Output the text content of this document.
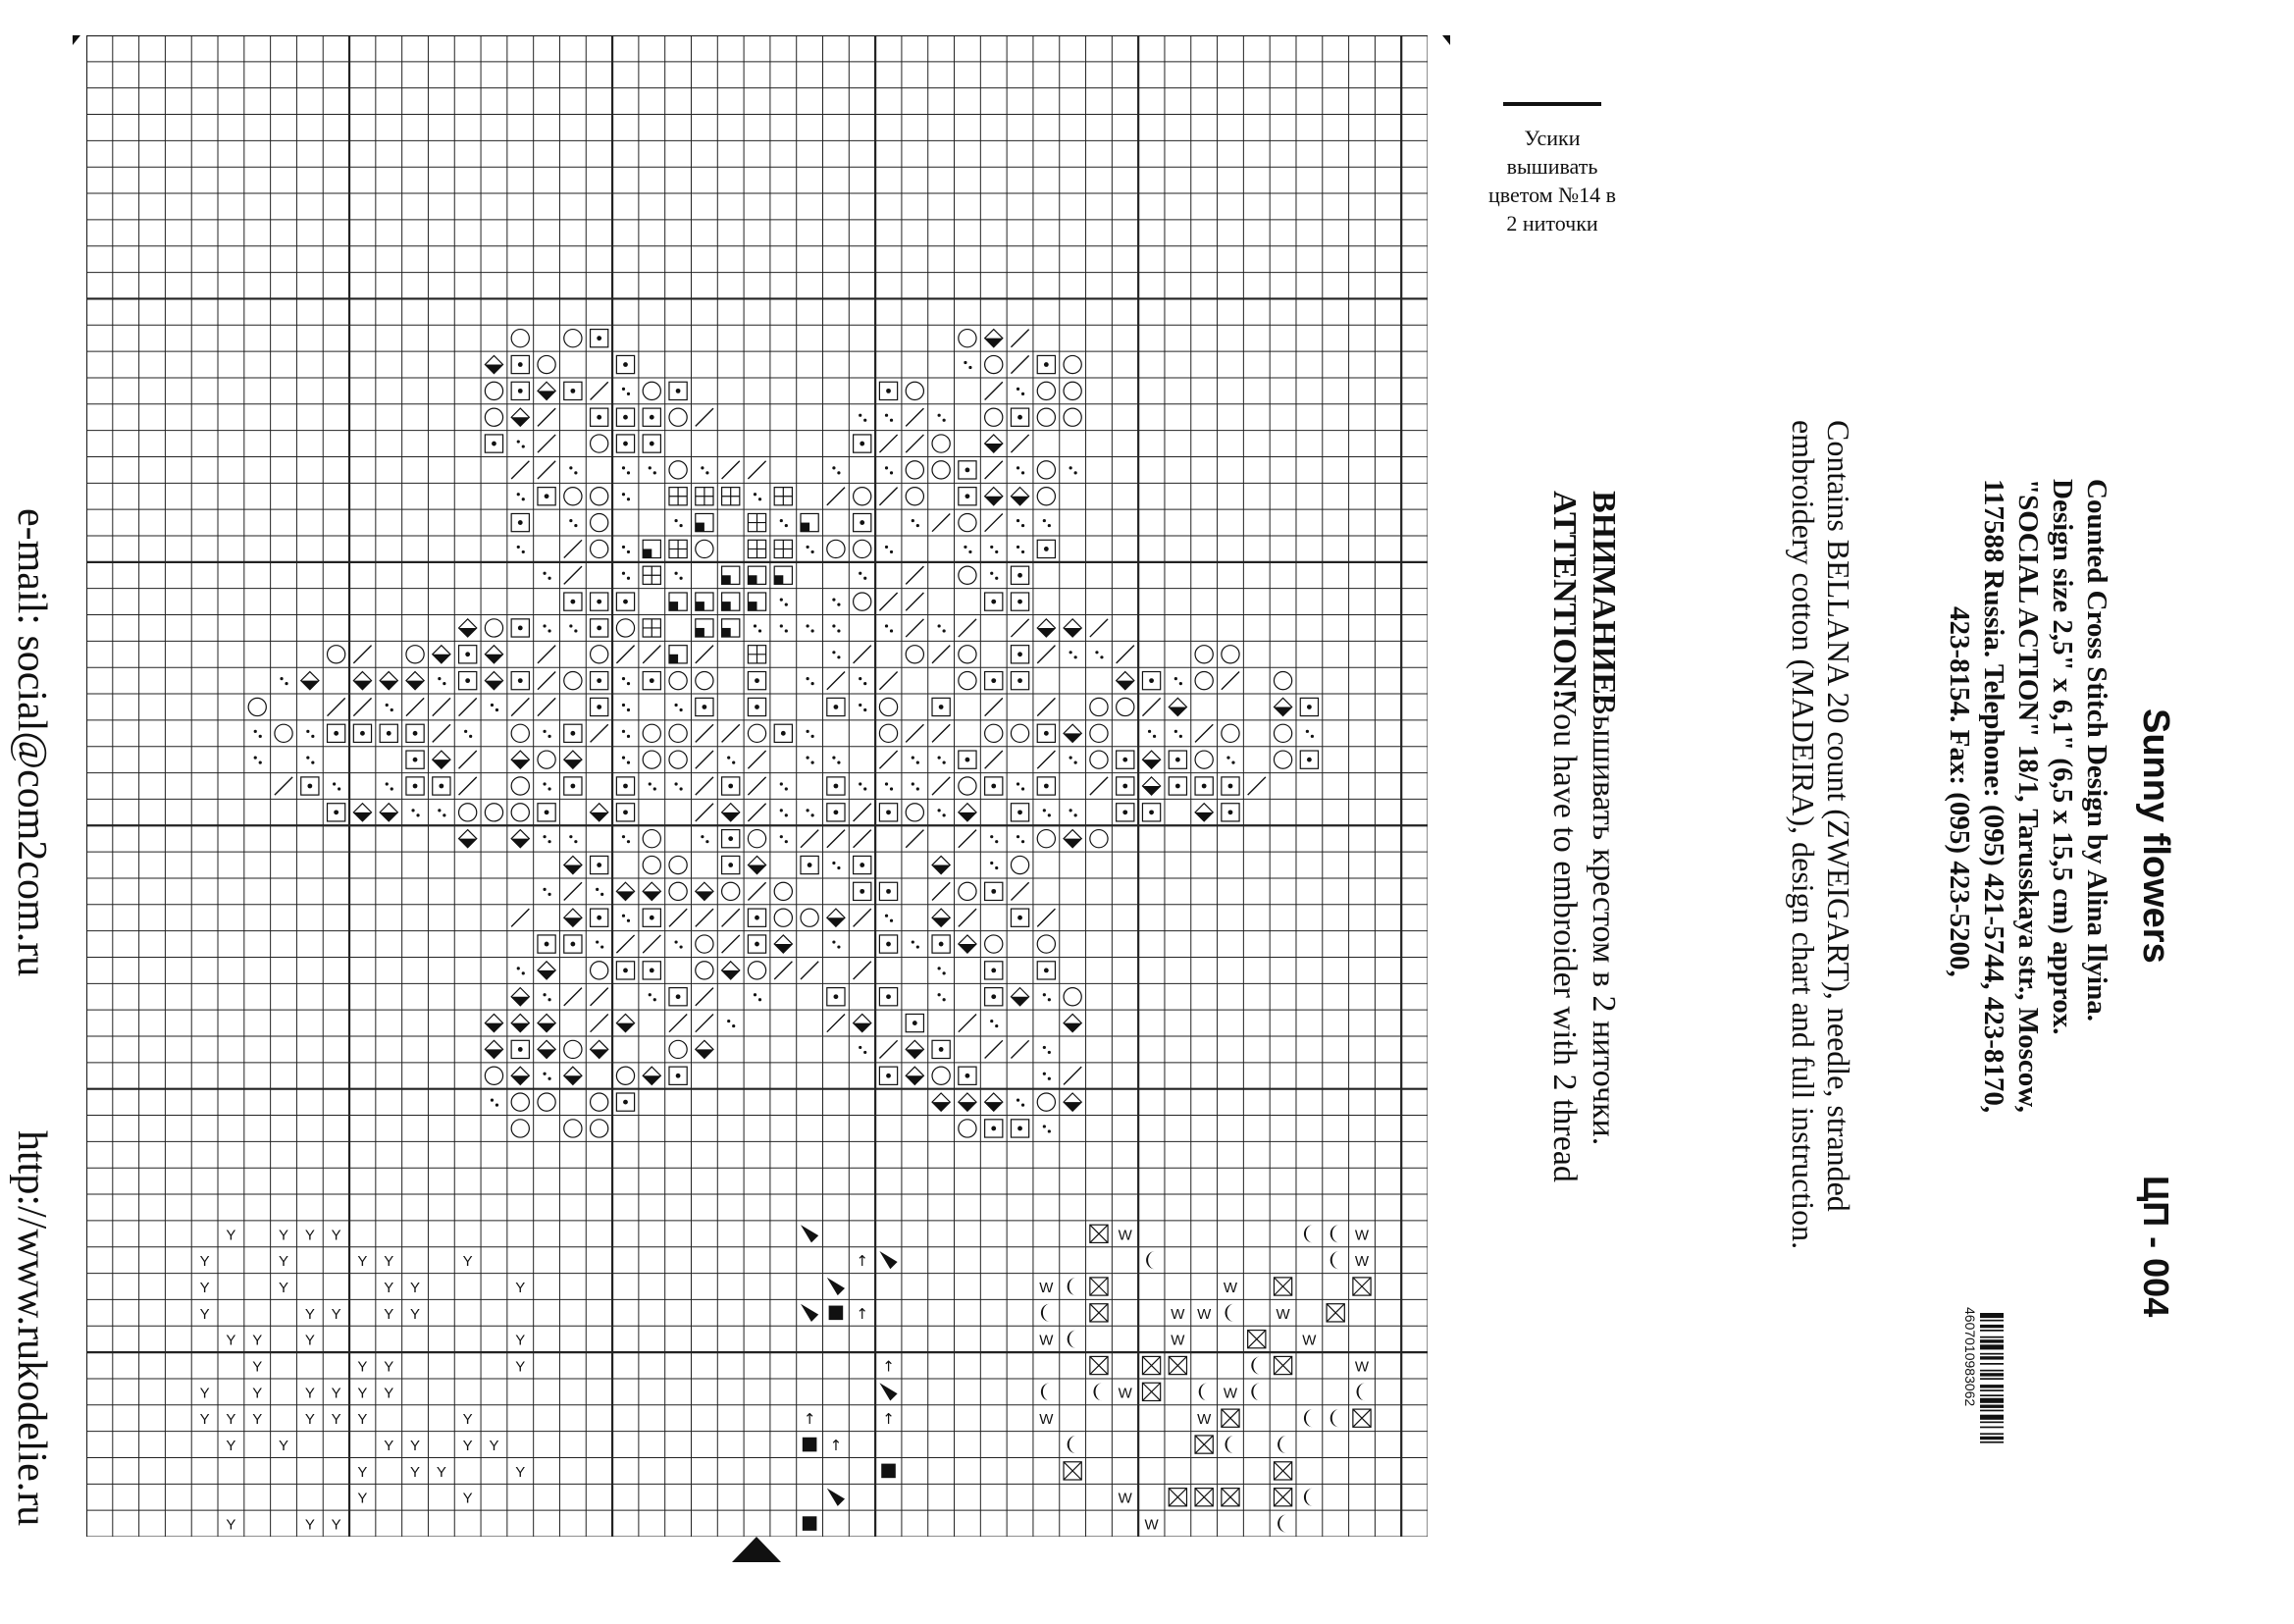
Y	Y Y Y	W	W
Y	Y	Y Y	Y	↑	W
Y	Y	Y Y	Y	W	W
Y	Y Y	Y Y	↑	W W	W
Y Y	Y	Y	W	W	W
Y	Y Y	Y	↑	W
Y	Y	Y Y Y Y	W	W
Y Y Y	Y Y Y	Y	↑	↑	W	W
Y	Y	Y Y	Y Y	↑
Y	Y Y	Y
Y	Y	W
Y	Y Y	W
e-mail: social@com2com.ru
http://www.rukodelie.ru
Усики
вышивать
цветом №14 в
2 ниточки
Sunny flowers
ЦП - 004
Counted Cross Stitch Design by Alina Ilyina.
Design size 2,5" x 6,1" (6,5 x 15,5 cm) approx.
"SOCIAL ACTION" 18/1, Tarusskaya str., Moscow,
117588 Russia. Telephone: (095) 421-5744, 423-8170,
423-8154. Fax: (095) 423-5200,
Contains BELLANA 20 count (ZWEIGART), needle, stranded
embroidery cotton (MADEIRA), design chart and full instruction.
ВНИМАНИЕ!Вышивать крестом в 2 ниточки.
ATTENTION!You have to embroider with 2 thread
4607010983062
